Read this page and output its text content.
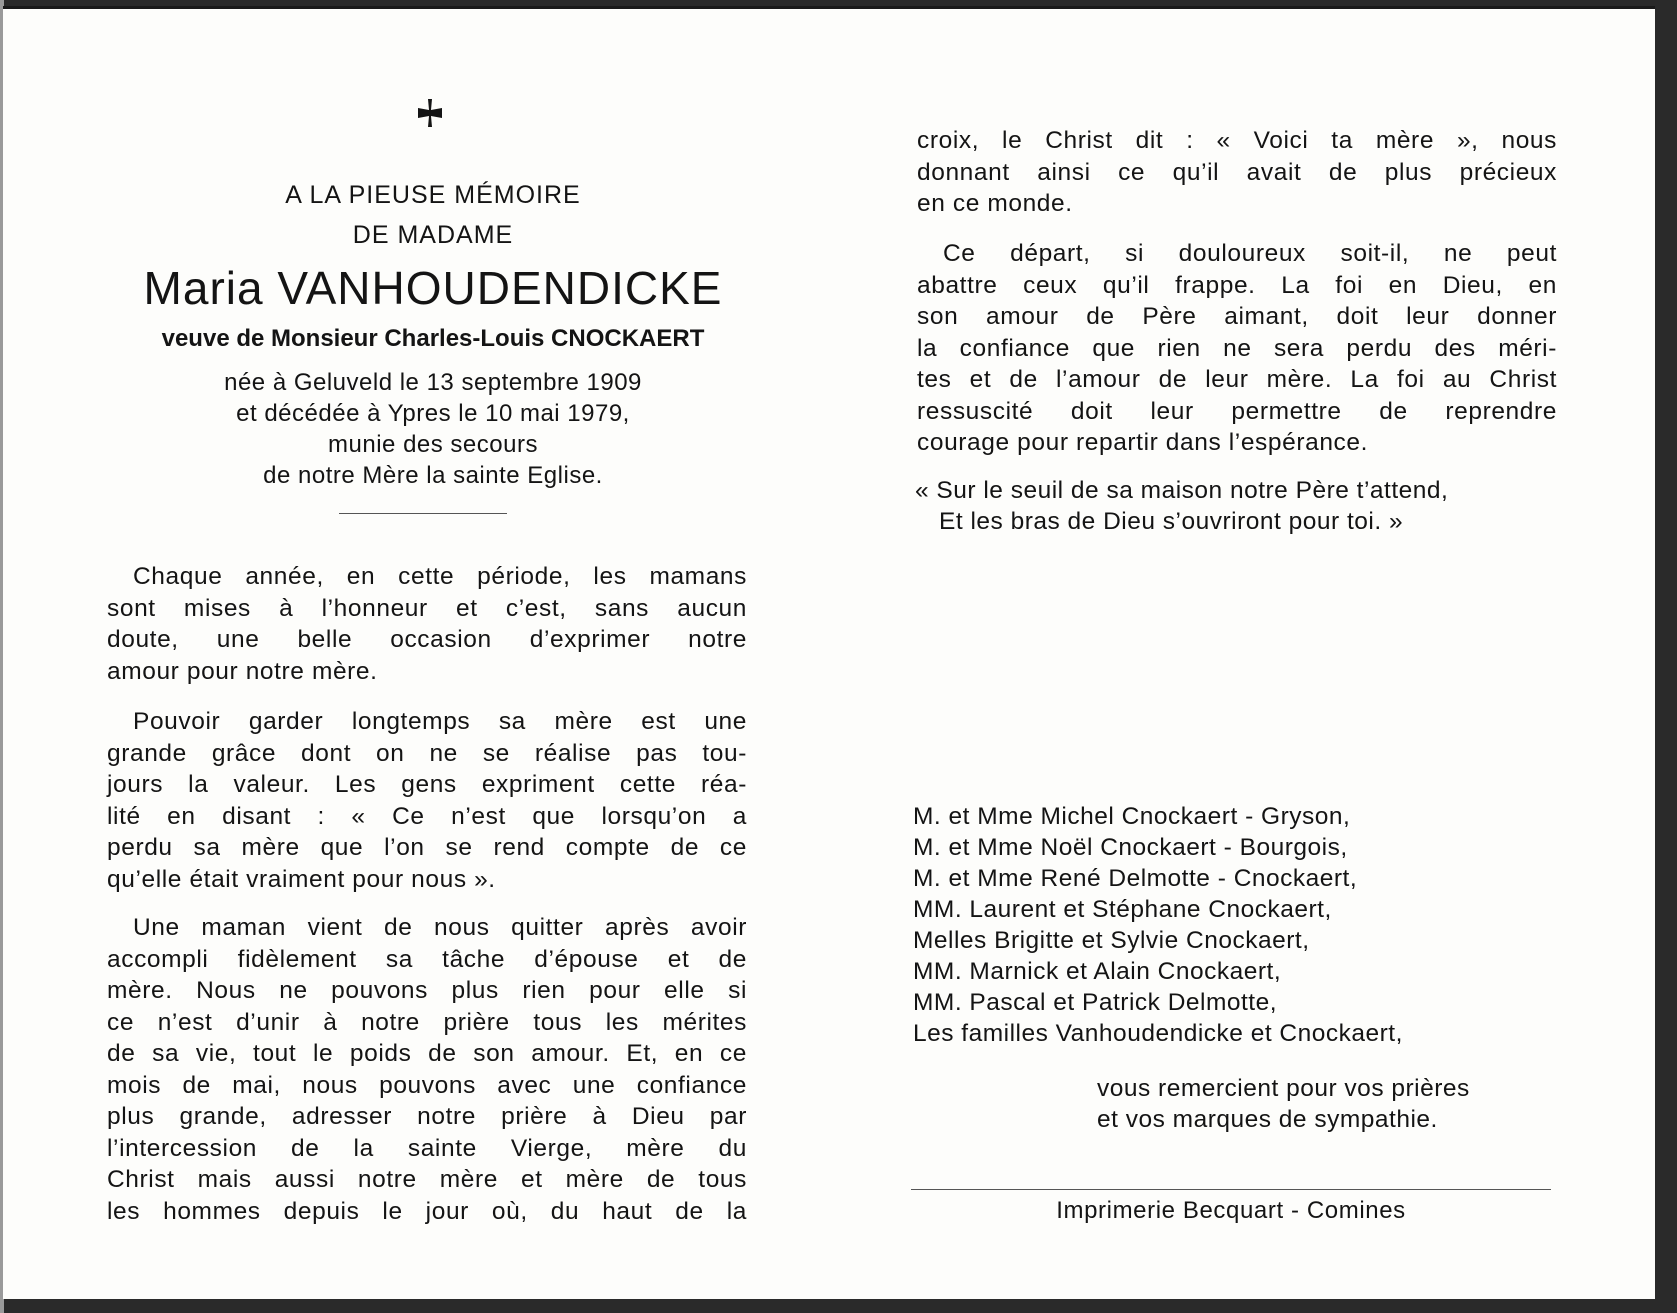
A LA PIEUSE MÉMOIRE
DE MADAME
Maria VANHOUDENDICKE
veuve de Monsieur Charles-Louis CNOCKAERT
née à Geluveld le 13 septembre 1909
et décédée à Ypres le 10 mai 1979,
munie des secours
de notre Mère la sainte Eglise.
Chaque année, en cette période, les mamans
sont mises à l’honneur et c’est, sans aucun
doute, une belle occasion d’exprimer notre
amour pour notre mère.
Pouvoir garder longtemps sa mère est une
grande grâce dont on ne se réalise pas tou-
jours la valeur. Les gens expriment cette réa-
lité en disant : « Ce n’est que lorsqu’on a
perdu sa mère que l’on se rend compte de ce
qu’elle était vraiment pour nous ».
Une maman vient de nous quitter après avoir
accompli fidèlement sa tâche d’épouse et de
mère. Nous ne pouvons plus rien pour elle si
ce n’est d’unir à notre prière tous les mérites
de sa vie, tout le poids de son amour. Et, en ce
mois de mai, nous pouvons avec une confiance
plus grande, adresser notre prière à Dieu par
l’intercession de la sainte Vierge, mère du
Christ mais aussi notre mère et mère de tous
les hommes depuis le jour où, du haut de la
croix, le Christ dit : « Voici ta mère », nous
donnant ainsi ce qu’il avait de plus précieux
en ce monde.
Ce départ, si douloureux soit-il, ne peut
abattre ceux qu’il frappe. La foi en Dieu, en
son amour de Père aimant, doit leur donner
la confiance que rien ne sera perdu des méri-
tes et de l’amour de leur mère. La foi au Christ
ressuscité doit leur permettre de reprendre
courage pour repartir dans l’espérance.
« Sur le seuil de sa maison notre Père t’attend,
Et les bras de Dieu s’ouvriront pour toi. »
M. et Mme Michel Cnockaert - Gryson,
M. et Mme Noël Cnockaert - Bourgois,
M. et Mme René Delmotte - Cnockaert,
MM. Laurent et Stéphane Cnockaert,
Melles Brigitte et Sylvie Cnockaert,
MM. Marnick et Alain Cnockaert,
MM. Pascal et Patrick Delmotte,
Les familles Vanhoudendicke et Cnockaert,
vous remercient pour vos prières
et vos marques de sympathie.
Imprimerie Becquart - Comines
